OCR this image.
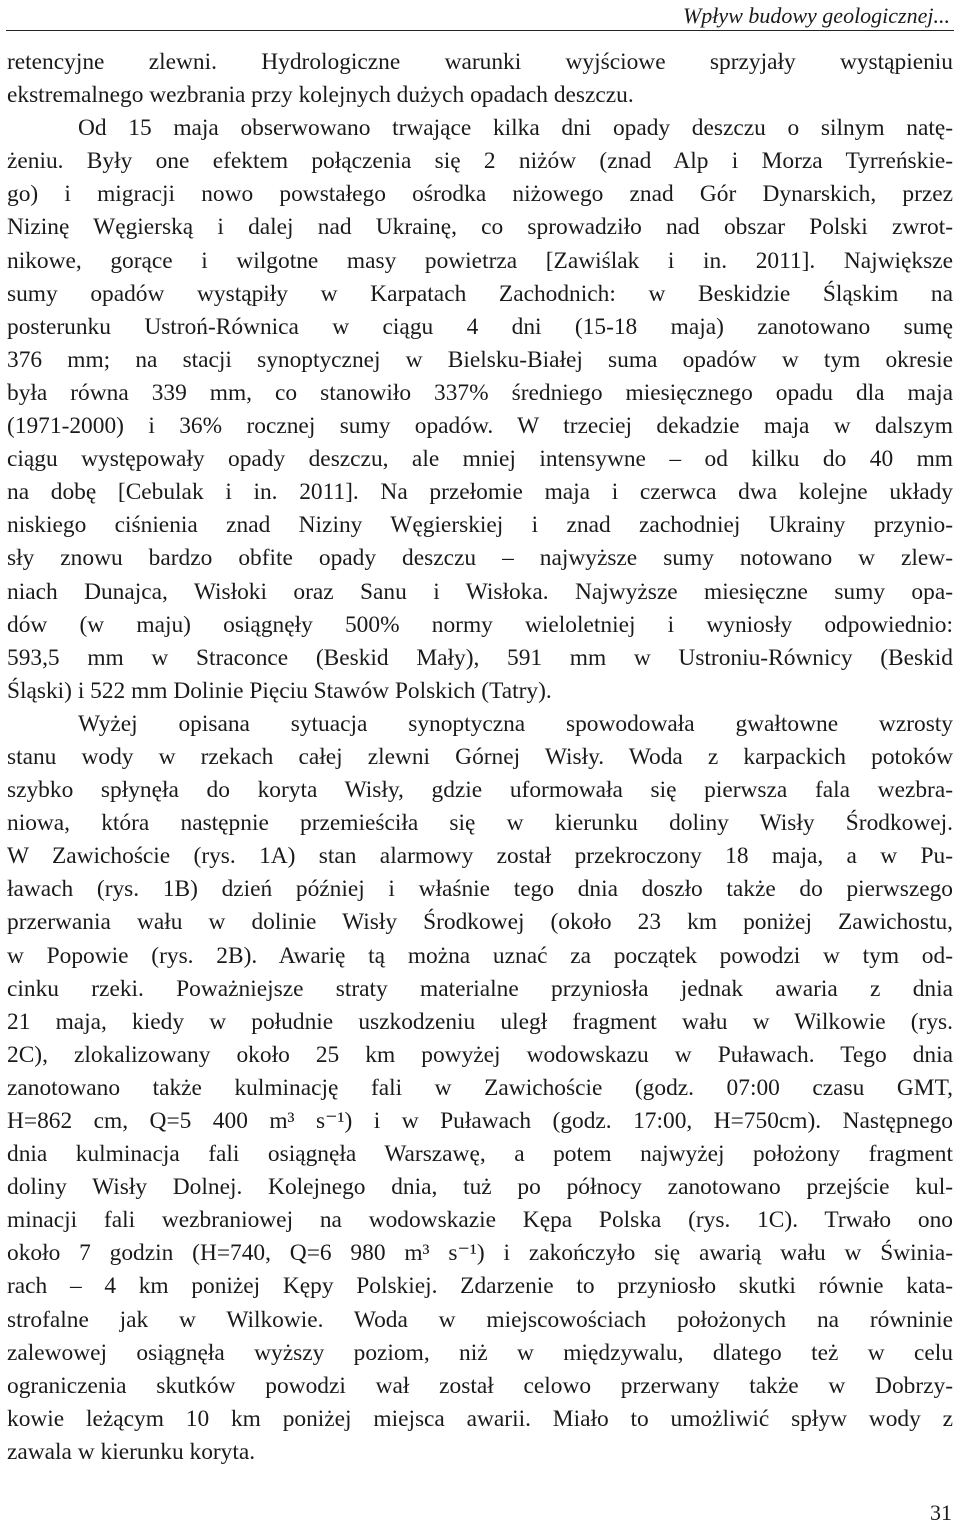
Wpływ budowy geologicznej...
retencyjne zlewni. Hydrologiczne warunki wyjściowe sprzyjały wystąpieniu
ekstremalnego wezbrania przy kolejnych dużych opadach deszczu.
Od 15 maja obserwowano trwające kilka dni opady deszczu o silnym natę-
żeniu. Były one efektem połączenia się 2 niżów (znad Alp i Morza Tyrreńskie-
go) i migracji nowo powstałego ośrodka niżowego znad Gór Dynarskich, przez
Nizinę Węgierską i dalej nad Ukrainę, co sprowadziło nad obszar Polski zwrot-
nikowe, gorące i wilgotne masy powietrza [Zawiślak i in. 2011]. Największe
sumy opadów wystąpiły w Karpatach Zachodnich: w Beskidzie Śląskim na
posterunku Ustroń-Równica w ciągu 4 dni (15-18 maja) zanotowano sumę
376 mm; na stacji synoptycznej w Bielsku-Białej suma opadów w tym okresie
była równa 339 mm, co stanowiło 337% średniego miesięcznego opadu dla maja
(1971-2000) i 36% rocznej sumy opadów. W trzeciej dekadzie maja w dalszym
ciągu występowały opady deszczu, ale mniej intensywne – od kilku do 40 mm
na dobę [Cebulak i in. 2011]. Na przełomie maja i czerwca dwa kolejne układy
niskiego ciśnienia znad Niziny Węgierskiej i znad zachodniej Ukrainy przynio-
sły znowu bardzo obfite opady deszczu – najwyższe sumy notowano w zlew-
niach Dunajca, Wisłoki oraz Sanu i Wisłoka. Najwyższe miesięczne sumy opa-
dów (w maju) osiągnęły 500% normy wieloletniej i wyniosły odpowiednio:
593,5 mm w Straconce (Beskid Mały), 591 mm w Ustroniu-Równicy (Beskid
Śląski) i 522 mm Dolinie Pięciu Stawów Polskich (Tatry).
Wyżej opisana sytuacja synoptyczna spowodowała gwałtowne wzrosty
stanu wody w rzekach całej zlewni Górnej Wisły. Woda z karpackich potoków
szybko spłynęła do koryta Wisły, gdzie uformowała się pierwsza fala wezbra-
niowa, która następnie przemieściła się w kierunku doliny Wisły Środkowej.
W Zawichoście (rys. 1A) stan alarmowy został przekroczony 18 maja, a w Pu-
ławach (rys. 1B) dzień później i właśnie tego dnia doszło także do pierwszego
przerwania wału w dolinie Wisły Środkowej (około 23 km poniżej Zawichostu,
w Popowie (rys. 2B). Awarię tą można uznać za początek powodzi w tym od-
cinku rzeki. Poważniejsze straty materialne przyniosła jednak awaria z dnia
21 maja, kiedy w południe uszkodzeniu uległ fragment wału w Wilkowie (rys.
2C), zlokalizowany około 25 km powyżej wodowskazu w Puławach. Tego dnia
zanotowano także kulminację fali w Zawichoście (godz. 07:00 czasu GMT,
H=862 cm, Q=5 400 m³ s⁻¹) i w Puławach (godz. 17:00, H=750cm). Następnego
dnia kulminacja fali osiągnęła Warszawę, a potem najwyżej położony fragment
doliny Wisły Dolnej. Kolejnego dnia, tuż po północy zanotowano przejście kul-
minacji fali wezbraniowej na wodowskazie Kępa Polska (rys. 1C). Trwało ono
około 7 godzin (H=740, Q=6 980 m³ s⁻¹) i zakończyło się awarią wału w Świnia-
rach – 4 km poniżej Kępy Polskiej. Zdarzenie to przyniosło skutki równie kata-
strofalne jak w Wilkowie. Woda w miejscowościach położonych na równinie
zalewowej osiągnęła wyższy poziom, niż w międzywalu, dlatego też w celu
ograniczenia skutków powodzi wał został celowo przerwany także w Dobrzy-
kowie leżącym 10 km poniżej miejsca awarii. Miało to umożliwić spływ wody z
zawala w kierunku koryta.
31
